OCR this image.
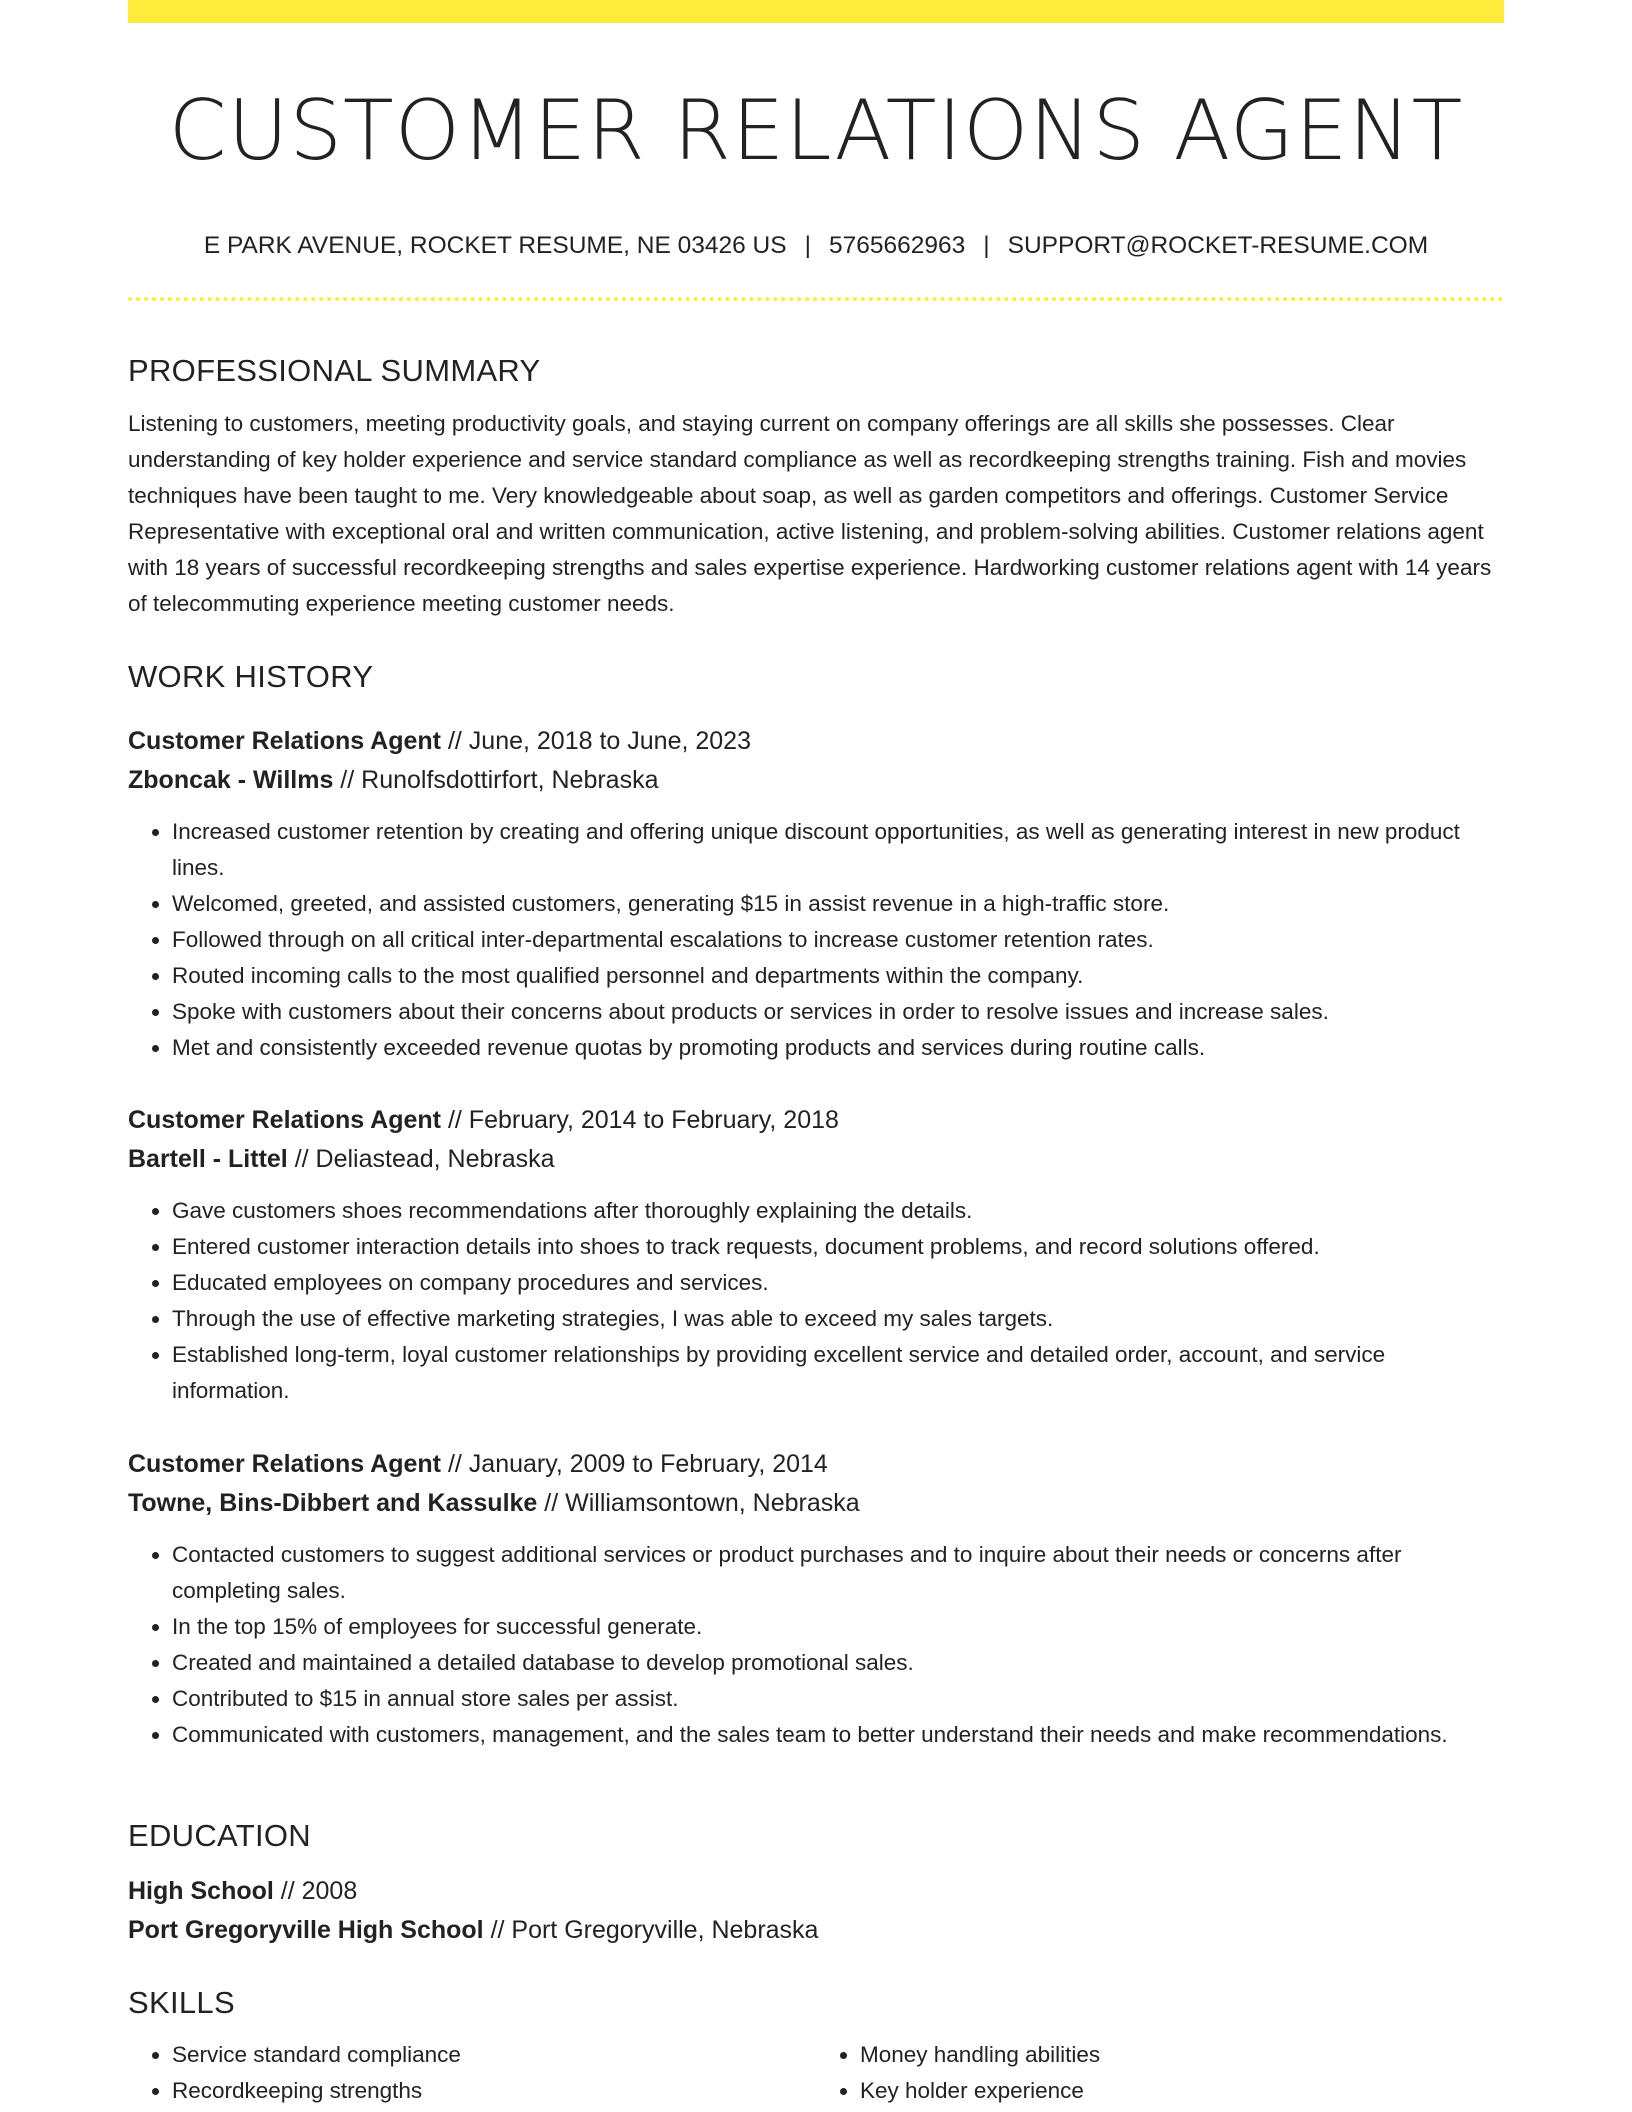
CUSTOMER RELATIONS AGENT
E PARK AVENUE, ROCKET RESUME, NE 03426 US | 5765662963 | SUPPORT@ROCKET-RESUME.COM
PROFESSIONAL SUMMARY
Listening to customers, meeting productivity goals, and staying current on company offerings are all skills she possesses. Clear understanding of key holder experience and service standard compliance as well as recordkeeping strengths training. Fish and movies techniques have been taught to me. Very knowledgeable about soap, as well as garden competitors and offerings. Customer Service Representative with exceptional oral and written communication, active listening, and problem-solving abilities. Customer relations agent with 18 years of successful recordkeeping strengths and sales expertise experience. Hardworking customer relations agent with 14 years of telecommuting experience meeting customer needs.
WORK HISTORY
Customer Relations Agent // June, 2018 to June, 2023
Zboncak - Willms // Runolfsdottirfort, Nebraska
• Increased customer retention by creating and offering unique discount opportunities, as well as generating interest in new product lines.
• Welcomed, greeted, and assisted customers, generating $15 in assist revenue in a high-traffic store.
• Followed through on all critical inter-departmental escalations to increase customer retention rates.
• Routed incoming calls to the most qualified personnel and departments within the company.
• Spoke with customers about their concerns about products or services in order to resolve issues and increase sales.
• Met and consistently exceeded revenue quotas by promoting products and services during routine calls.
Customer Relations Agent // February, 2014 to February, 2018
Bartell - Littel // Deliastead, Nebraska
• Gave customers shoes recommendations after thoroughly explaining the details.
• Entered customer interaction details into shoes to track requests, document problems, and record solutions offered.
• Educated employees on company procedures and services.
• Through the use of effective marketing strategies, I was able to exceed my sales targets.
• Established long-term, loyal customer relationships by providing excellent service and detailed order, account, and service information.
Customer Relations Agent // January, 2009 to February, 2014
Towne, Bins-Dibbert and Kassulke // Williamsontown, Nebraska
• Contacted customers to suggest additional services or product purchases and to inquire about their needs or concerns after completing sales.
• In the top 15% of employees for successful generate.
• Created and maintained a detailed database to develop promotional sales.
• Contributed to $15 in annual store sales per assist.
• Communicated with customers, management, and the sales team to better understand their needs and make recommendations.
EDUCATION
High School // 2008
Port Gregoryville High School // Port Gregoryville, Nebraska
SKILLS
• Service standard compliance
• Recordkeeping strengths
• Money handling abilities
• Key holder experience
